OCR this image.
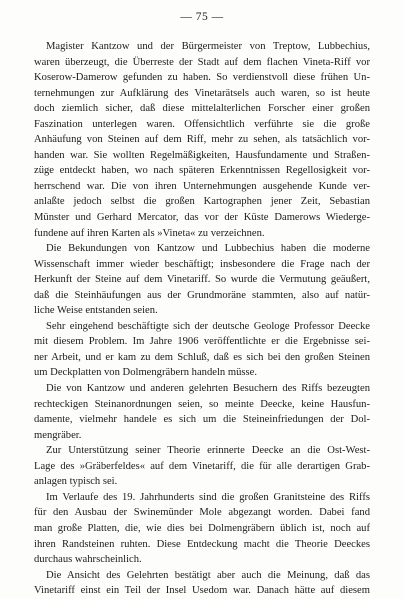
— 75 —
Magister Kantzow und der Bürgermeister von Treptow, Lubbechius,
waren überzeugt, die Überreste der Stadt auf dem flachen Vineta-Riff vor
Koserow-Damerow gefunden zu haben. So verdienstvoll diese frühen Un-
ternehmungen zur Aufklärung des Vinetarätsels auch waren, so ist heute
doch ziemlich sicher, daß diese mittelalterlichen Forscher einer großen
Faszination unterlegen waren. Offensichtlich verführte sie die große
Anhäufung von Steinen auf dem Riff, mehr zu sehen, als tatsächlich vor-
handen war. Sie wollten Regelmäßigkeiten, Hausfundamente und Straßen-
züge entdeckt haben, wo nach späteren Erkenntnissen Regellosigkeit vor-
herrschend war. Die von ihren Unternehmungen ausgehende Kunde ver-
anlaßte jedoch selbst die großen Kartographen jener Zeit, Sebastian
Münster und Gerhard Mercator, das vor der Küste Damerows Wiederge-
fundene auf ihren Karten als »Vineta« zu verzeichnen.
Die Bekundungen von Kantzow und Lubbechius haben die moderne
Wissenschaft immer wieder beschäftigt; insbesondere die Frage nach der
Herkunft der Steine auf dem Vinetariff. So wurde die Vermutung geäußert,
daß die Steinhäufungen aus der Grundmoräne stammten, also auf natür-
liche Weise entstanden seien.
Sehr eingehend beschäftigte sich der deutsche Geologe Professor Deecke
mit diesem Problem. Im Jahre 1906 veröffentlichte er die Ergebnisse sei-
ner Arbeit, und er kam zu dem Schluß, daß es sich bei den großen Steinen
um Deckplatten von Dolmengräbern handeln müsse.
Die von Kantzow und anderen gelehrten Besuchern des Riffs bezeugten
rechteckigen Steinanordnungen seien, so meinte Deecke, keine Hausfun-
damente, vielmehr handele es sich um die Steineinfriedungen der Dol-
mengräber.
Zur Unterstützung seiner Theorie erinnerte Deecke an die Ost-West-
Lage des »Gräberfeldes« auf dem Vinetariff, die für alle derartigen Grab-
anlagen typisch sei.
Im Verlaufe des 19. Jahrhunderts sind die großen Granitsteine des Riffs
für den Ausbau der Swinemünder Mole abgezangt worden. Dabei fand
man große Platten, die, wie dies bei Dolmengräbern üblich ist, noch auf
ihren Randsteinen ruhten. Diese Entdeckung macht die Theorie Deeckes
durchaus wahrscheinlich.
Die Ansicht des Gelehrten bestätigt aber auch die Meinung, daß das
Vinetariff einst ein Teil der Insel Usedom war. Danach hätte auf diesem
